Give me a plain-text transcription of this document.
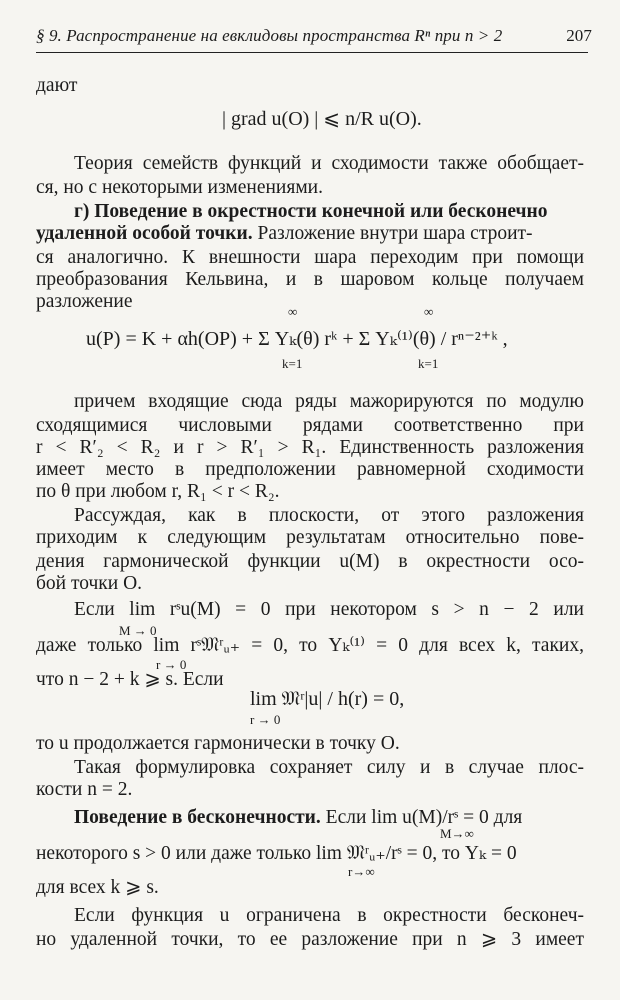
§ 9. Распространение на евклидовы пространства Rⁿ при n > 2	207
дают
| grad u(O) | ⩽ n/R u(O).
Теория семейств функций и сходимости также обобщает-
ся, но с некоторыми изменениями.
г) Поведение в окрестности конечной или бесконечно
удаленной особой точки. Разложение внутри шара строит-
ся аналогично. К внешности шара переходим при помощи
преобразования Кельвина, и в шаровом кольце получаем
разложение
u(P) = K + αh(OP) + Σ Yₖ(θ) rᵏ + Σ Yₖ⁽¹⁾(θ) / rⁿ⁻²⁺ᵏ ,
∞
k=1
∞
k=1
причем входящие сюда ряды мажорируются по модулю
сходящимися числовыми рядами соответственно при
r < R′₂ < R₂ и r > R′₁ > R₁. Единственность разложения
имеет место в предположении равномерной сходимости
по θ при любом r, R₁ < r < R₂.
Рассуждая, как в плоскости, от этого разложения
приходим к следующим результатам относительно пове-
дения гармонической функции u(M) в окрестности осо-
бой точки O.
Если lim rˢu(M) = 0 при некотором s > n − 2 или
M → 0
даже только lim rˢ𝔐ʳᵤ₊ = 0, то Yₖ⁽¹⁾ = 0 для всех k, таких,
r → 0
что n − 2 + k ⩾ s. Если
lim 𝔐ʳ|u| / h(r) = 0,
r → 0
то u продолжается гармонически в точку O.
Такая формулировка сохраняет силу и в случае плос-
кости n = 2.
Поведение в бесконечности. Если lim u(M)/rˢ = 0 для
M→∞
некоторого s > 0 или даже только lim 𝔐ʳᵤ₊/rˢ = 0, то Yₖ = 0
r→∞
для всех k ⩾ s.
Если функция u ограничена в окрестности бесконеч-
но удаленной точки, то ее разложение при n ⩾ 3 имеет
